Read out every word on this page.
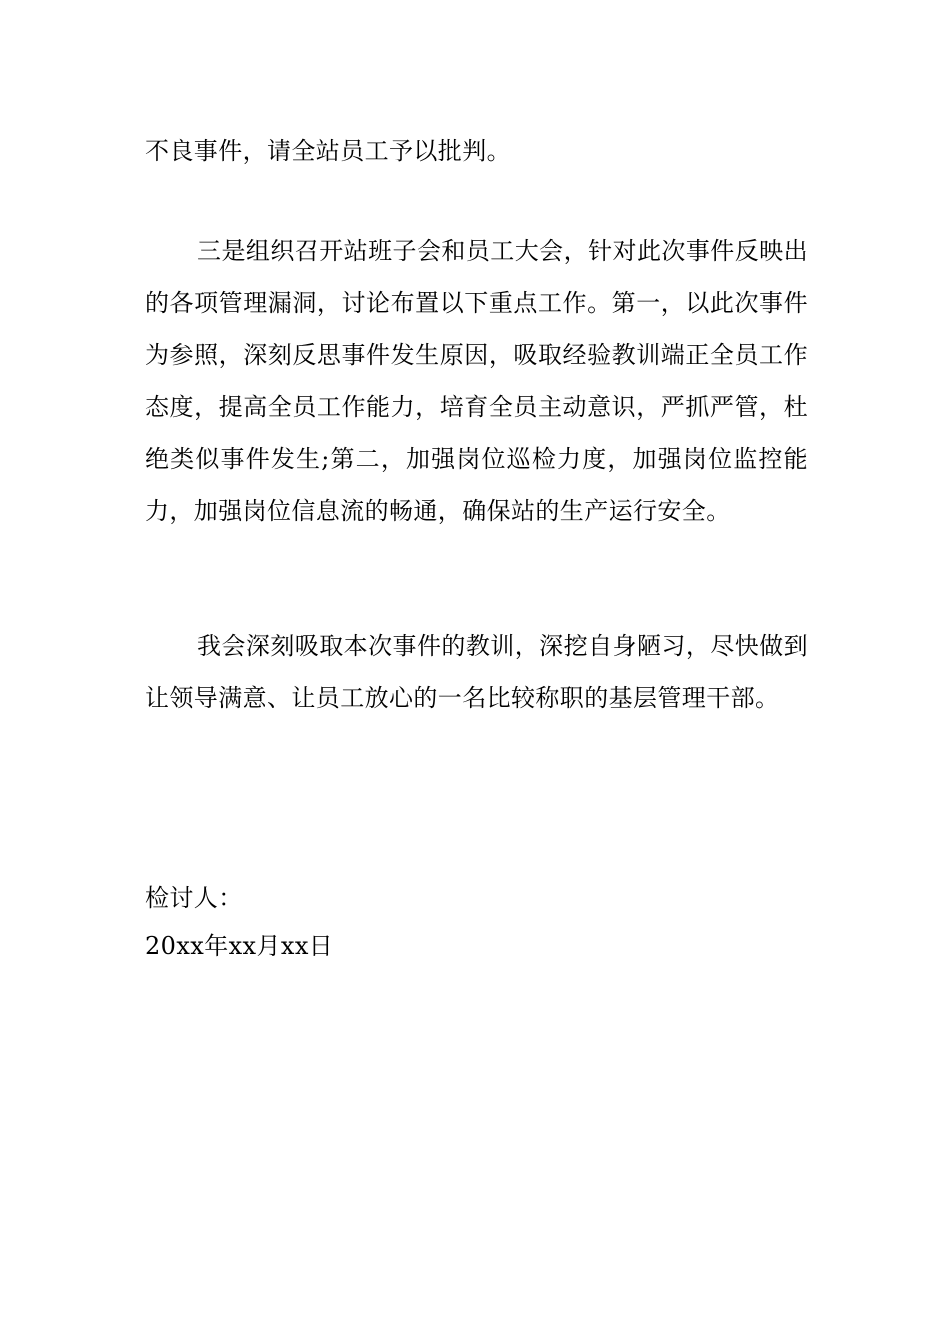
不良事件，请全站员工予以批判。

三是组织召开站班子会和员工大会，针对此次事件反映出的各项管理漏洞，讨论布置以下重点工作。第一，以此次事件为参照，深刻反思事件发生原因，吸取经验教训端正全员工作态度，提高全员工作能力，培育全员主动意识，严抓严管，杜绝类似事件发生;第二，加强岗位巡检力度，加强岗位监控能力，加强岗位信息流的畅通，确保站的生产运行安全。

我会深刻吸取本次事件的教训，深挖自身陋习，尽快做到让领导满意、让员工放心的一名比较称职的基层管理干部。

检讨人：

20xx年xx月xx日
